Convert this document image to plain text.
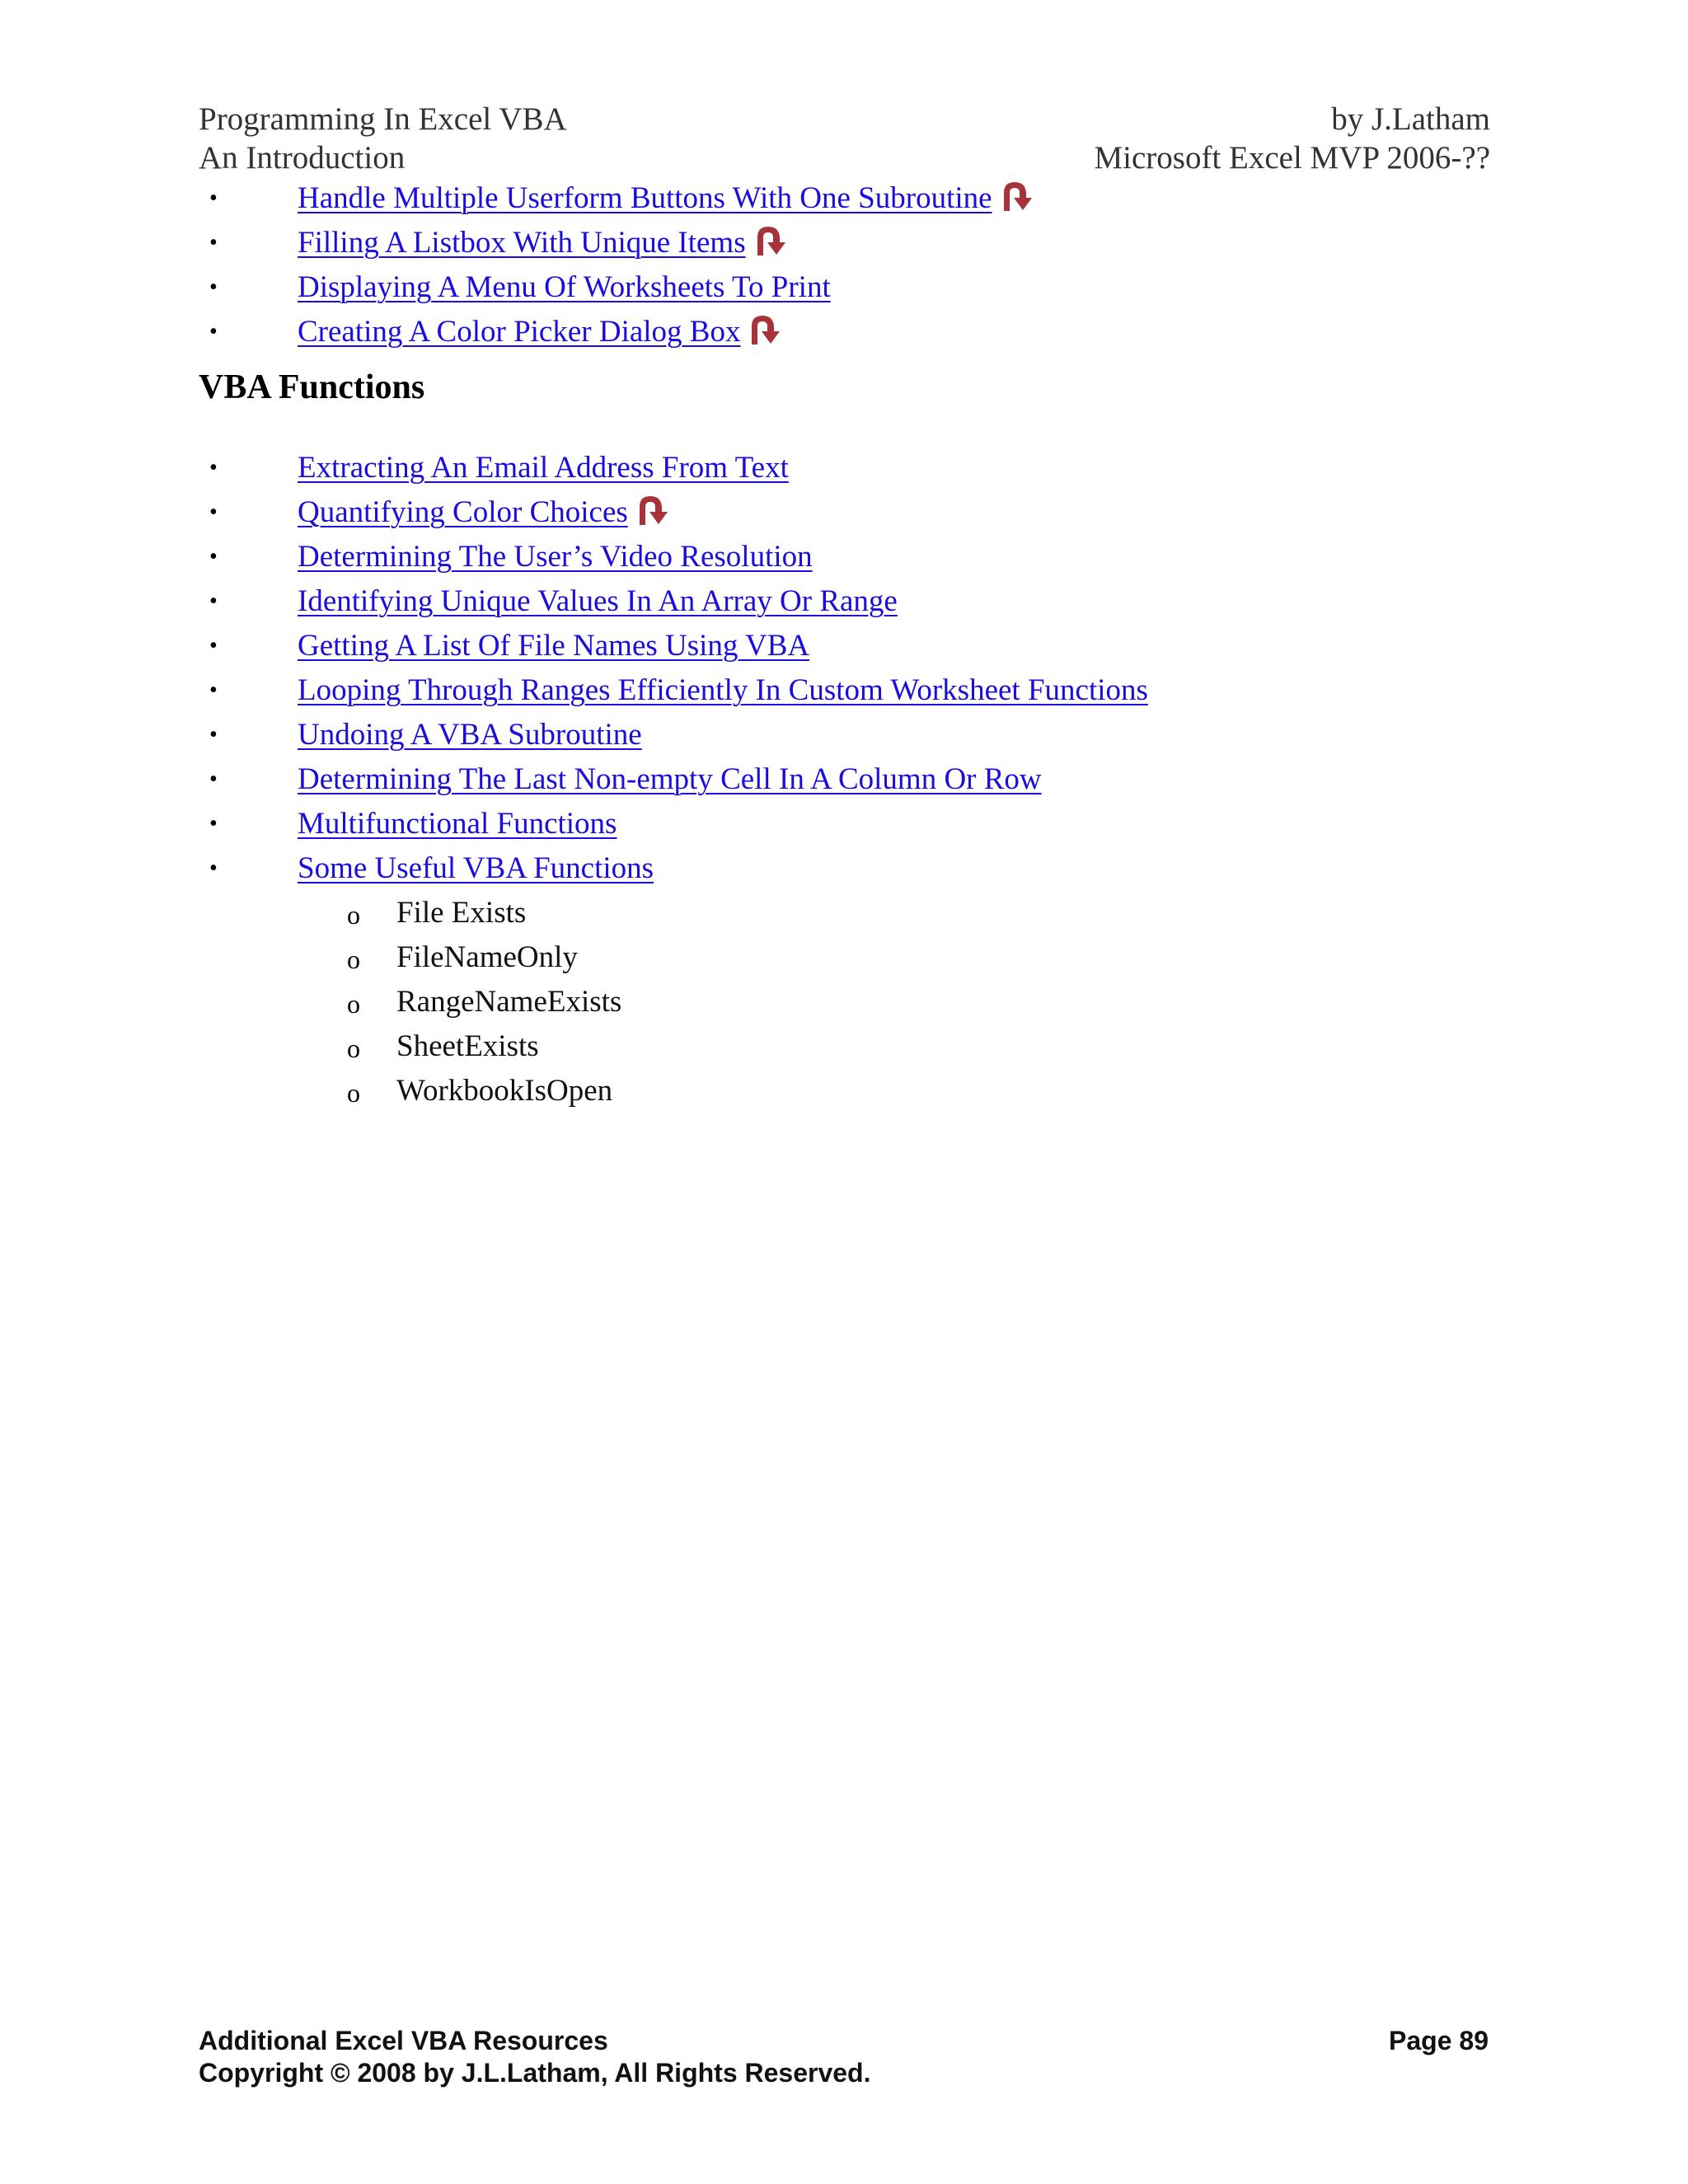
Programming In Excel VBA
An Introduction
by J.Latham
Microsoft Excel MVP 2006-??
•
Handle Multiple Userform Buttons With One Subroutine
•
Filling A Listbox With Unique Items
•
Displaying A Menu Of Worksheets To Print
•
Creating A Color Picker Dialog Box
VBA Functions
•
Extracting An Email Address From Text
•
Quantifying Color Choices
•
Determining The User’s Video Resolution
•
Identifying Unique Values In An Array Or Range
•
Getting A List Of File Names Using VBA
•
Looping Through Ranges Efficiently In Custom Worksheet Functions
•
Undoing A VBA Subroutine
•
Determining The Last Non-empty Cell In A Column Or Row
•
Multifunctional Functions
•
Some Useful VBA Functions
o File Exists
o FileNameOnly
o RangeNameExists
o SheetExists
o WorkbookIsOpen
Additional Excel VBA Resources
Copyright © 2008 by J.L.Latham, All Rights Reserved.
Page 89
